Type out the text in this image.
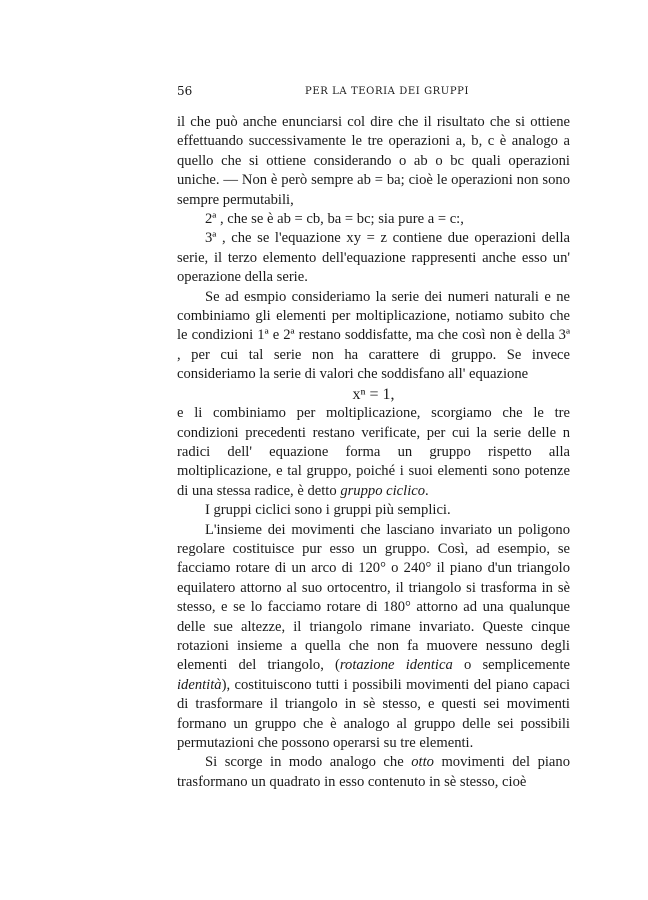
56	PER LA TEORIA DEI GRUPPI

il che può anche enunciarsi col dire che il risultato che si ottiene effettuando successivamente le tre operazioni a, b, c è analogo a quello che si ottiene considerando o ab o bc quali operazioni uniche. — Non è però sempre ab = ba; cioè le operazioni non sono sempre permutabili,

2ª , che se è ab = cb, ba = bc; sia pure a = c:,

3ª , che se l'equazione xy = z contiene due operazioni della serie, il terzo elemento dell'equazione rappresenti anche esso un' operazione della serie.

Se ad esmpio consideriamo la serie dei numeri naturali e ne combiniamo gli elementi per moltiplicazione, notiamo subito che le condizioni 1ª e 2ª restano soddisfatte, ma che così non è della 3ª , per cui tal serie non ha carattere di gruppo. Se invece consideriamo la serie di valori che soddisfano all' equazione

xⁿ = 1,

e li combiniamo per moltiplicazione, scorgiamo che le tre condizioni precedenti restano verificate, per cui la serie delle n radici dell' equazione forma un gruppo rispetto alla moltiplicazione, e tal gruppo, poiché i suoi elementi sono potenze di una stessa radice, è detto gruppo ciclico.

I gruppi ciclici sono i gruppi più semplici.

L'insieme dei movimenti che lasciano invariato un poligono regolare costituisce pur esso un gruppo. Così, ad esempio, se facciamo rotare di un arco di 120° o 240° il piano d'un triangolo equilatero attorno al suo ortocentro, il triangolo si trasforma in sè stesso, e se lo facciamo rotare di 180° attorno ad una qualunque delle sue altezze, il triangolo rimane invariato. Queste cinque rotazioni insieme a quella che non fa muovere nessuno degli elementi del triangolo, (rotazione identica o semplicemente identità), costituiscono tutti i possibili movimenti del piano capaci di trasformare il triangolo in sè stesso, e questi sei movimenti formano un gruppo che è analogo al gruppo delle sei possibili permutazioni che possono operarsi su tre elementi.

Si scorge in modo analogo che otto movimenti del piano trasformano un quadrato in esso contenuto in sè stesso, cioè
